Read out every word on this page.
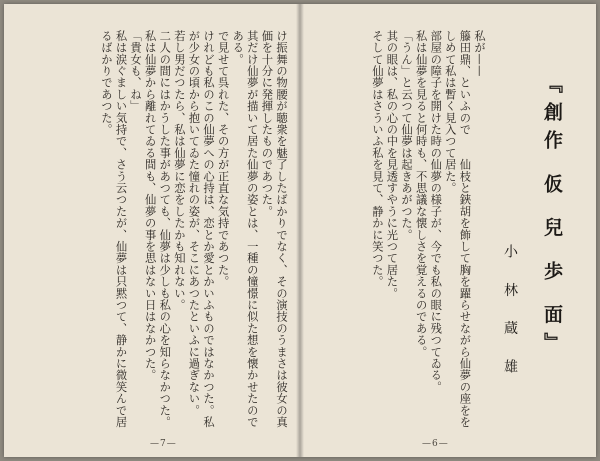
け振舞の物腰が聴衆を魅了したばかりでなく、その演技のうまさは彼女の真価を十分に発揮したものであつた。

其だけ仙夢が描いて居た仙夢の姿とは、一種の憧憬に似た想を懐かせたのである。

で見せて呉れた、その方が正直な気持であつた。

けれども私のこの仙夢への心持は、恋とか愛とかいふものではなかつた。私が少女の頃から抱いてゐた憧れの姿が、そこにあつたといふに過ぎない。

若し男だつたら、私は仙夢に恋をしたかも知れない。

二人の間にはかうした事があつても、仙夢は少しも私の心を知らなかつた。

私は仙夢から離れてゐる間も、仙夢の事を思はない日はなかつた。

「貴女も、ね」

私は涙ぐましい気持で、さう云つたが、仙夢は只黙つて、静かに微笑んで居るばかりであつた。

—7—
『創作 仮 兒 歩 面』
小 林 蔵 雄

私が——

籐田鼎、といふので　　仙枝と鋏胡を飾して胸を躍らせながら仙夢の座ををしめて私は暫く見入つて居た。

部屋の障子を開けた時の仙夢の様子が、今でも私の眼に残つてゐる。

私は仙夢を見ると何時も、不思議な懐しさを覚えるのである。

「うん」と云つて仙夢は起きあがつた。

其の眼は、私の心の中を見透すやうに光つて居た。

そして仙夢はさういふ私を見て、静かに笑つた。

—6—
